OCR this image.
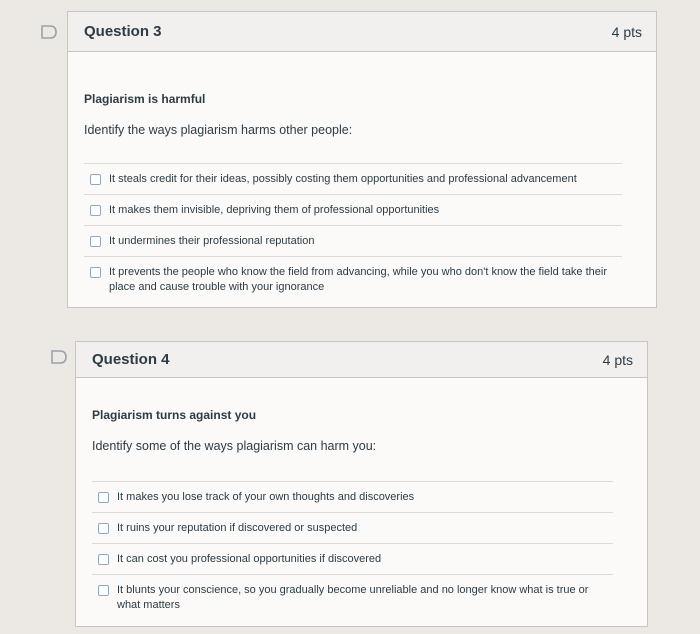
Question 3	4 pts
Plagiarism is harmful
Identify the ways plagiarism harms other people:
It steals credit for their ideas, possibly costing them opportunities and professional advancement
It makes them invisible, depriving them of professional opportunities
It undermines their professional reputation
It prevents the people who know the field from advancing, while you who don't know the field take their place and cause trouble with your ignorance
Question 4	4 pts
Plagiarism turns against you
Identify some of the ways plagiarism can harm you:
It makes you lose track of your own thoughts and discoveries
It ruins your reputation if discovered or suspected
It can cost you professional opportunities if discovered
It blunts your conscience, so you gradually become unreliable and no longer know what is true or what matters
